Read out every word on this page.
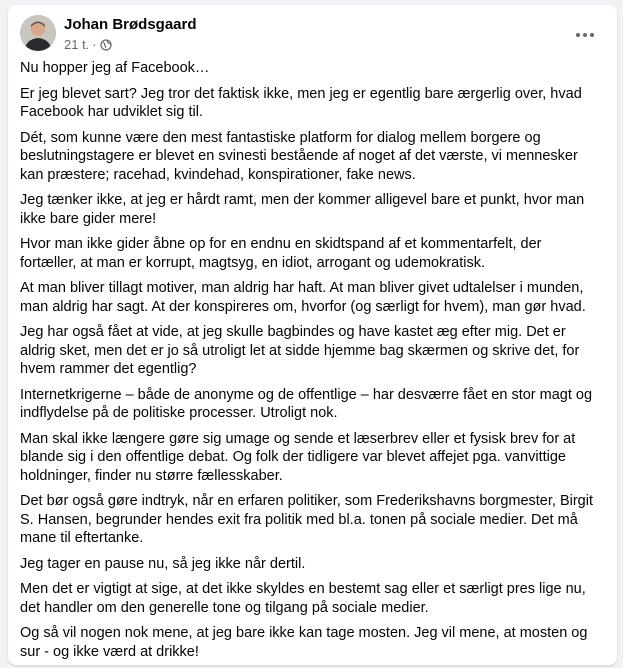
Johan Brødsgaard
21 t. ·

Nu hopper jeg af Facebook…

Er jeg blevet sart? Jeg tror det faktisk ikke, men jeg er egentlig bare ærgerlig over, hvad Facebook har udviklet sig til.

Dét, som kunne være den mest fantastiske platform for dialog mellem borgere og beslutningstagere er blevet en svinesti bestående af noget af det værste, vi mennesker kan præstere; racehad, kvindehad, konspirationer, fake news.

Jeg tænker ikke, at jeg er hårdt ramt, men der kommer alligevel bare et punkt, hvor man ikke bare gider mere!

Hvor man ikke gider åbne op for en endnu en skidtspand af et kommentarfelt, der fortæller, at man er korrupt, magtsyg, en idiot, arrogant og udemokratisk.

At man bliver tillagt motiver, man aldrig har haft. At man bliver givet udtalelser i munden, man aldrig har sagt. At der konspireres om, hvorfor (og særligt for hvem), man gør hvad.

Jeg har også fået at vide, at jeg skulle bagbindes og have kastet æg efter mig. Det er aldrig sket, men det er jo så utroligt let at sidde hjemme bag skærmen og skrive det, for hvem rammer det egentlig?

Internetkrigerne – både de anonyme og de offentlige – har desværre fået en stor magt og indflydelse på de politiske processer. Utroligt nok.

Man skal ikke længere gøre sig umage og sende et læserbrev eller et fysisk brev for at blande sig i den offentlige debat. Og folk der tidligere var blevet affejet pga. vanvittige holdninger, finder nu større fællesskaber.

Det bør også gøre indtryk, når en erfaren politiker, som Frederikshavns borgmester, Birgit S. Hansen, begrunder hendes exit fra politik med bl.a. tonen på sociale medier. Det må mane til eftertanke.

Jeg tager en pause nu, så jeg ikke når dertil.

Men det er vigtigt at sige, at det ikke skyldes en bestemt sag eller et særligt pres lige nu, det handler om den generelle tone og tilgang på sociale medier.

Og så vil nogen nok mene, at jeg bare ikke kan tage mosten. Jeg vil mene, at mosten og sur - og ikke værd at drikke!
